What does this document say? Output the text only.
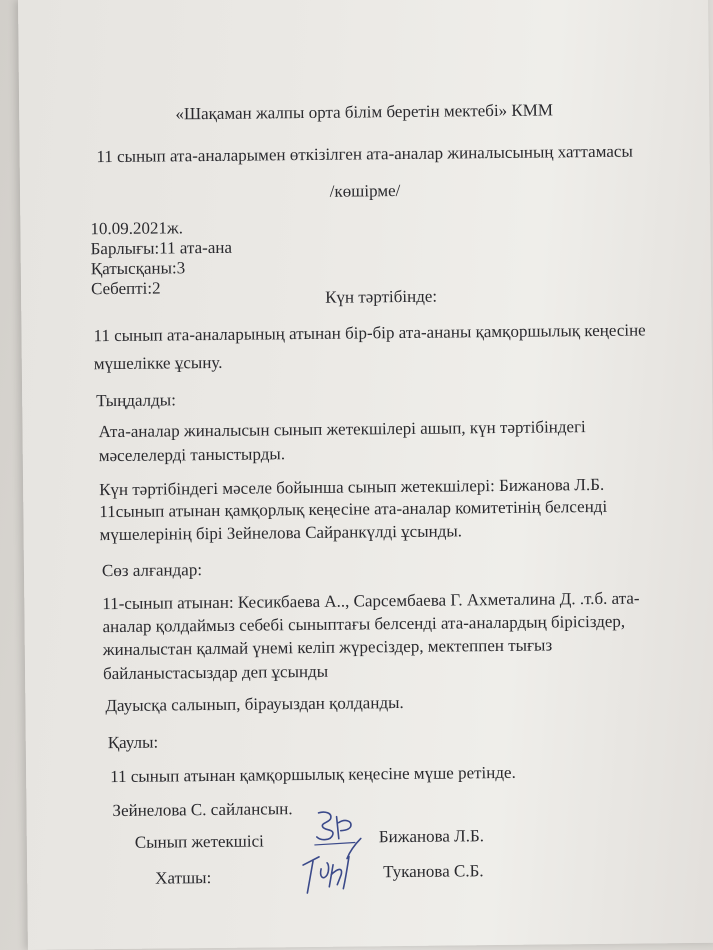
«Шақаман жалпы орта білім беретін мектебі» КММ
11 сынып ата-аналарымен өткізілген ата-аналар жиналысының хаттамасы
/көшірме/
10.09.2021ж.
Барлығы:11 ата-ана
Қатысқаны:3
Себепті:2	Күн тәртібінде:
11 сынып ата-аналарының атынан бір-бір ата-ананы қамқоршылық кеңесіне
мүшелікке ұсыну.
Тыңдалды:
Ата-аналар жиналысын сынып жетекшілері ашып, күн тәртібіндегі
мәселелерді таныстырды.
Күн тәртібіндегі мәселе бойынша сынып жетекшілері: Бижанова Л.Б.
11сынып атынан қамқорлық кеңесіне ата-аналар комитетінің белсенді
мүшелерінің бірі Зейнелова Сайранкүлді ұсынды.
Сөз алғандар:
11-сынып атынан: Кесикбаева А.., Сарсембаева Г. Ахметалина Д. .т.б. ата-
аналар қолдаймыз себебі сыныптағы белсенді ата-аналардың бірісіздер,
жиналыстан қалмай үнемі келіп жүресіздер, мектеппен тығыз
байланыстасыздар деп ұсынды
Дауысқа салынып, бірауыздан қолданды.
Қаулы:
11 сынып атынан қамқоршылық кеңесіне мүше ретінде.
Зейнелова С. сайлансын.
Сынып жетекшісі	Бижанова Л.Б.
Хатшы:	Туканова С.Б.
